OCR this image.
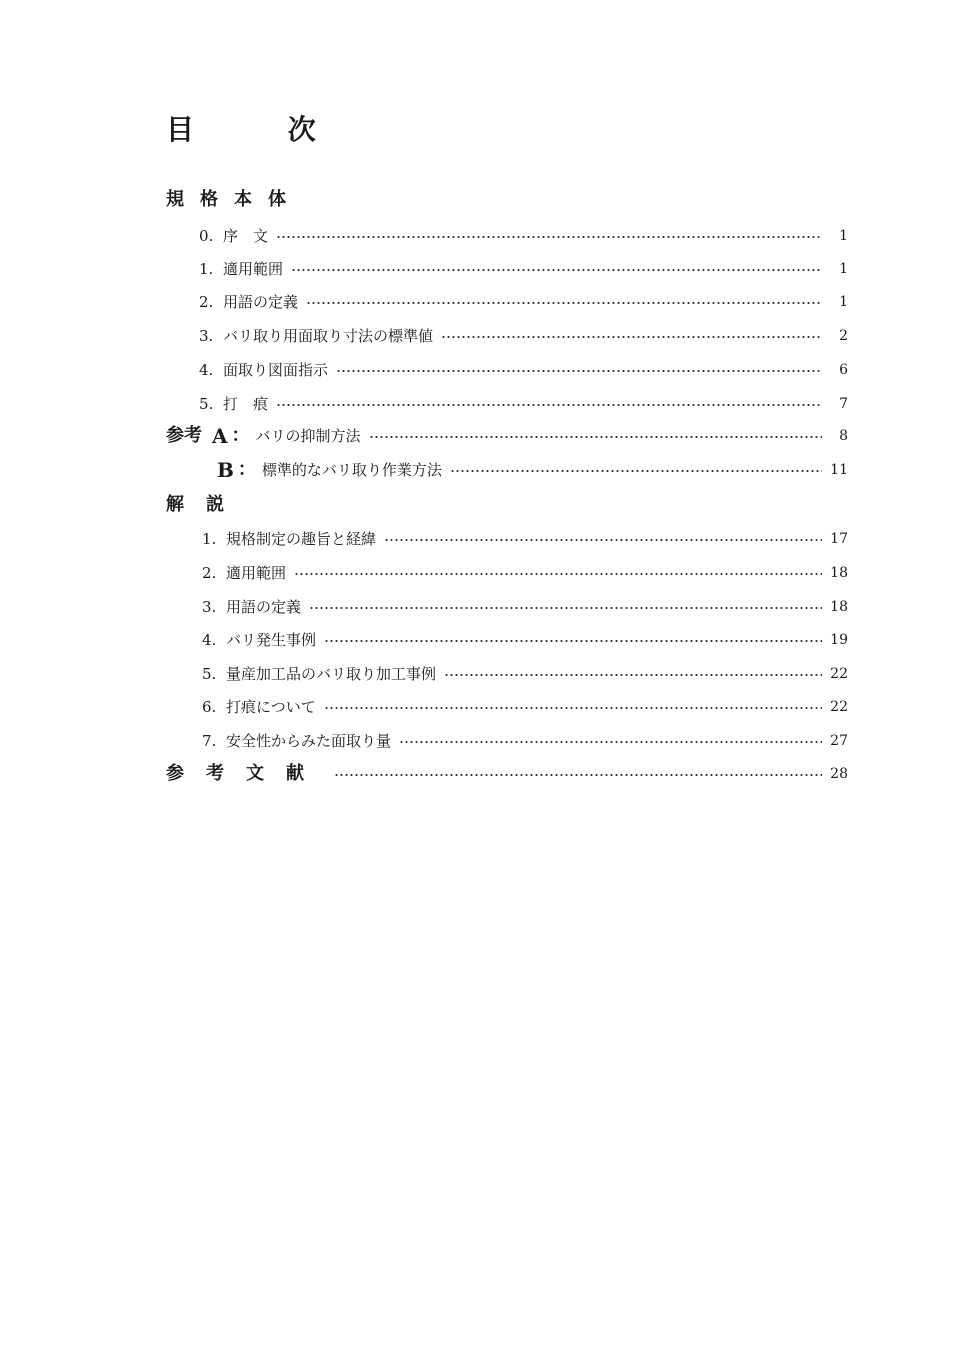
目 次
規格本体
0. 序　文	1
1. 適用範囲	1
2. 用語の定義	1
3. バリ取り用面取り寸法の標準値	2
4. 面取り図面指示	6
5. 打　痕	7
参考 A ： バリの抑制方法	8
B ： 標準的なバリ取り作業方法	11
解説
1. 規格制定の趣旨と経緯	17
2. 適用範囲	18
3. 用語の定義	18
4. バリ発生事例	19
5. 量産加工品のバリ取り加工事例	22
6. 打痕について	22
7. 安全性からみた面取り量	27
参考文献	28
